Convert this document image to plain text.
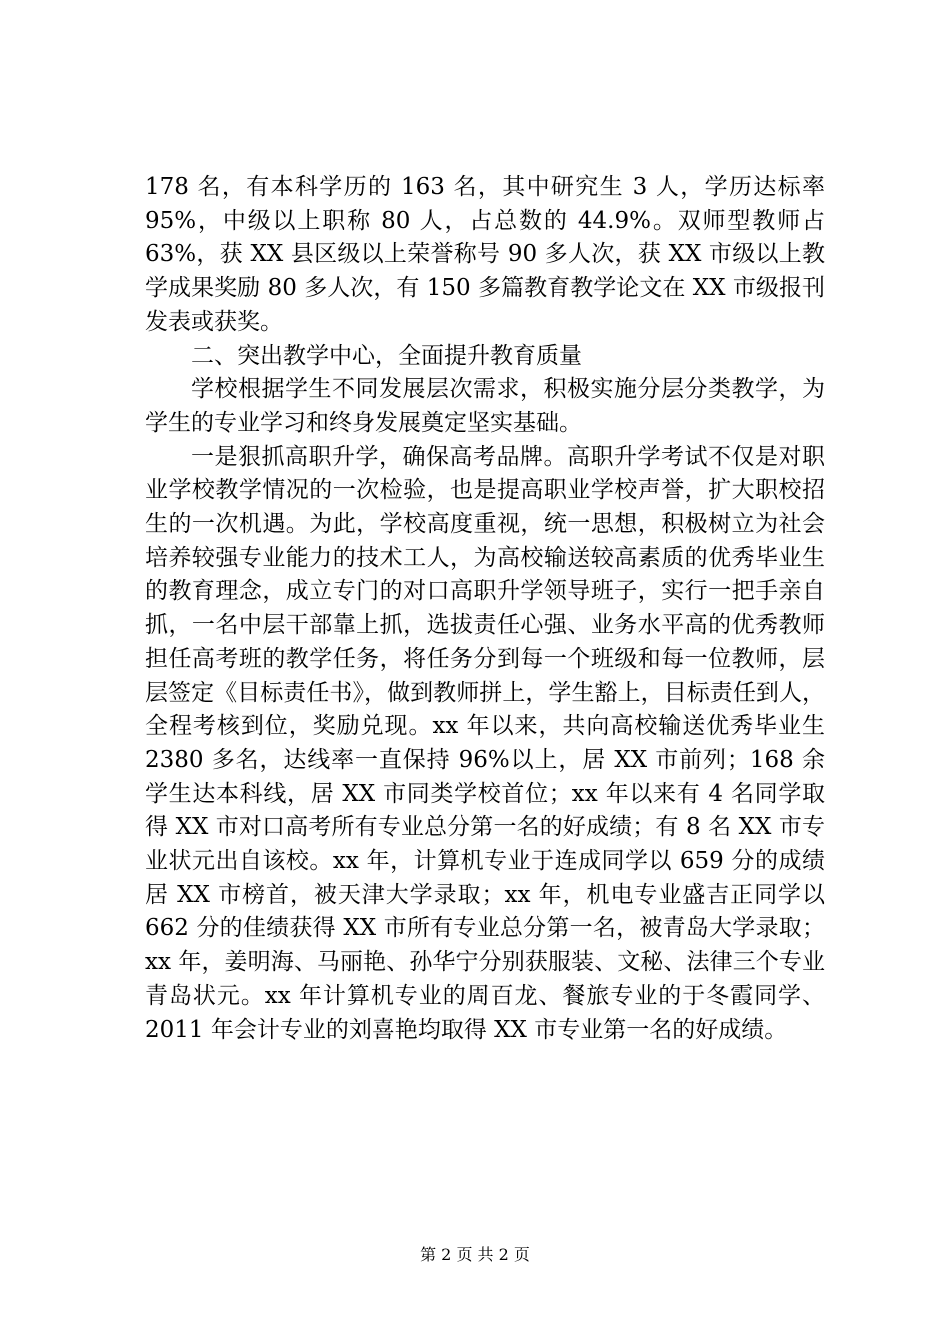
178 名，有本科学历的 163 名，其中研究生 3 人，学历达标率 95%，中级以上职称 80 人，占总数的 44.9%。双师型教师占 63%，获 XX 县区级以上荣誉称号 90 多人次，获 XX 市级以上教学成果奖励 80 多人次，有 150 多篇教育教学论文在 XX 市级报刊发表或获奖。

二、突出教学中心，全面提升教育质量

学校根据学生不同发展层次需求，积极实施分层分类教学，为学生的专业学习和终身发展奠定坚实基础。

一是狠抓高职升学，确保高考品牌。高职升学考试不仅是对职业学校教学情况的一次检验，也是提高职业学校声誉，扩大职校招生的一次机遇。为此，学校高度重视，统一思想，积极树立为社会培养较强专业能力的技术工人，为高校输送较高素质的优秀毕业生的教育理念，成立专门的对口高职升学领导班子，实行一把手亲自抓，一名中层干部靠上抓，选拔责任心强、业务水平高的优秀教师担任高考班的教学任务，将任务分到每一个班级和每一位教师，层层签定《目标责任书》，做到教师拼上，学生豁上，目标责任到人，全程考核到位，奖励兑现。xx 年以来，共向高校输送优秀毕业生2380 多名，达线率一直保持 96%以上，居 XX 市前列；168 余学生达本科线，居 XX 市同类学校首位；xx 年以来有 4 名同学取得 XX 市对口高考所有专业总分第一名的好成绩；有 8 名 XX 市专业状元出自该校。xx 年，计算机专业于连成同学以 659 分的成绩居 XX 市榜首，被天津大学录取；xx 年，机电专业盛吉正同学以 662 分的佳绩获得 XX 市所有专业总分第一名，被青岛大学录取；xx 年，姜明海、马丽艳、孙华宁分别获服装、文秘、法律三个专业青岛状元。xx 年计算机专业的周百龙、餐旅专业的于冬霞同学、2011 年会计专业的刘喜艳均取得 XX 市专业第一名的好成绩。

第 2 页 共 2 页
